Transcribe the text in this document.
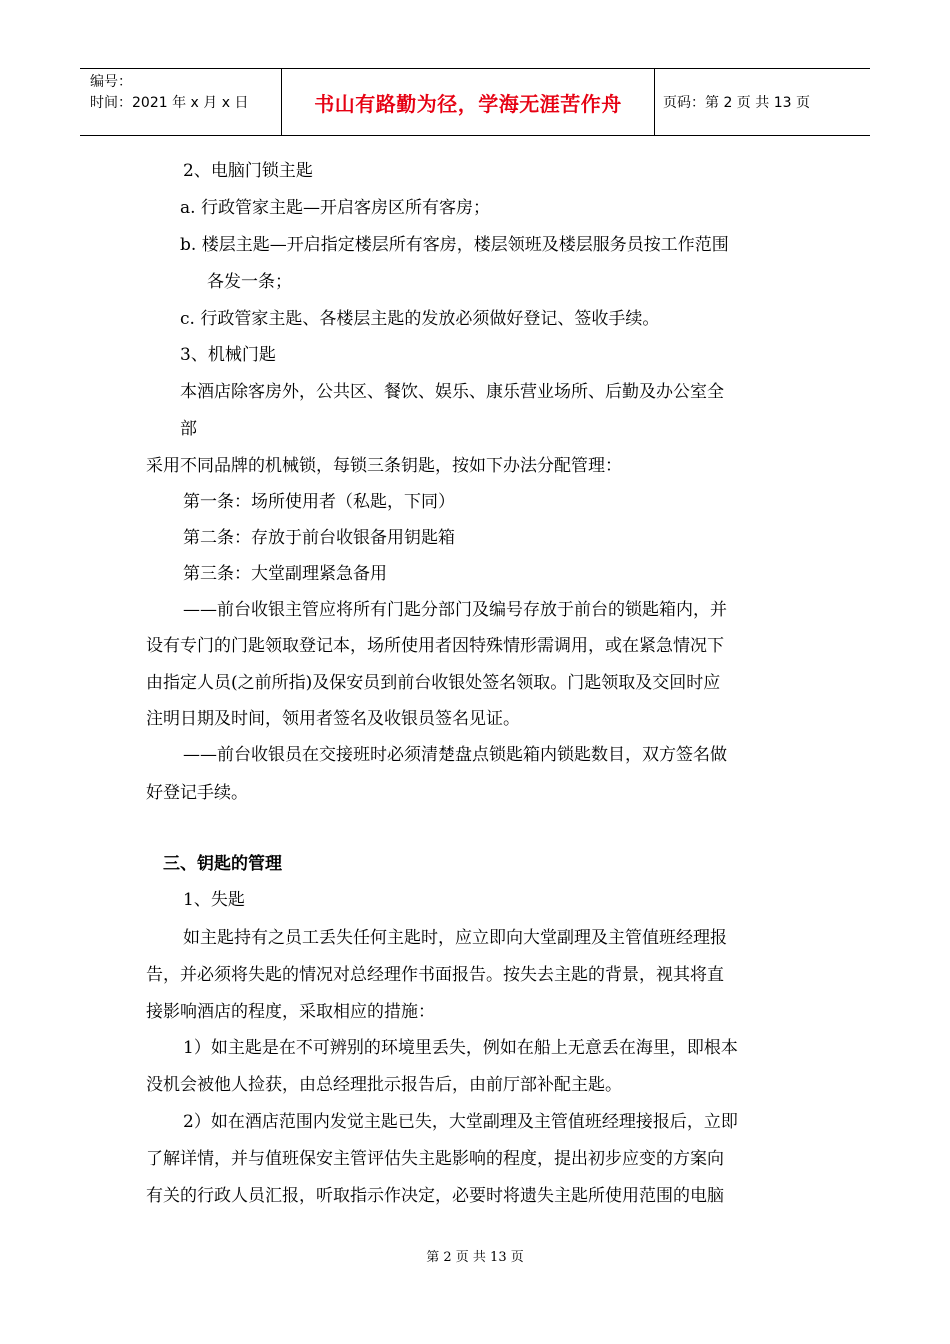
编号：
时间：2021 年 x 月 x 日	书山有路勤为径，学海无涯苦作舟	页码：第 2 页 共 13 页
2、电脑门锁主匙
a. 行政管家主匙—开启客房区所有客房；
b. 楼层主匙—开启指定楼层所有客房，楼层领班及楼层服务员按工作范围
各发一条；
c. 行政管家主匙、各楼层主匙的发放必须做好登记、签收手续。
3、机械门匙
本酒店除客房外，公共区、餐饮、娱乐、康乐营业场所、后勤及办公室全
部
采用不同品牌的机械锁，每锁三条钥匙，按如下办法分配管理：
第一条：场所使用者（私匙，下同）
第二条：存放于前台收银备用钥匙箱
第三条：大堂副理紧急备用
——前台收银主管应将所有门匙分部门及编号存放于前台的锁匙箱内，并
设有专门的门匙领取登记本，场所使用者因特殊情形需调用，或在紧急情况下
由指定人员(之前所指)及保安员到前台收银处签名领取。门匙领取及交回时应
注明日期及时间，领用者签名及收银员签名见证。
——前台收银员在交接班时必须清楚盘点锁匙箱内锁匙数目，双方签名做
好登记手续。
三、钥匙的管理
1、失匙
如主匙持有之员工丢失任何主匙时，应立即向大堂副理及主管值班经理报
告，并必须将失匙的情况对总经理作书面报告。按失去主匙的背景，视其将直
接影响酒店的程度，采取相应的措施：
1）如主匙是在不可辨别的环境里丢失，例如在船上无意丢在海里，即根本
没机会被他人捡获，由总经理批示报告后，由前厅部补配主匙。
2）如在酒店范围内发觉主匙已失，大堂副理及主管值班经理接报后，立即
了解详情，并与值班保安主管评估失主匙影响的程度，提出初步应变的方案向
有关的行政人员汇报，听取指示作决定，必要时将遗失主匙所使用范围的电脑
第 2 页 共 13 页
